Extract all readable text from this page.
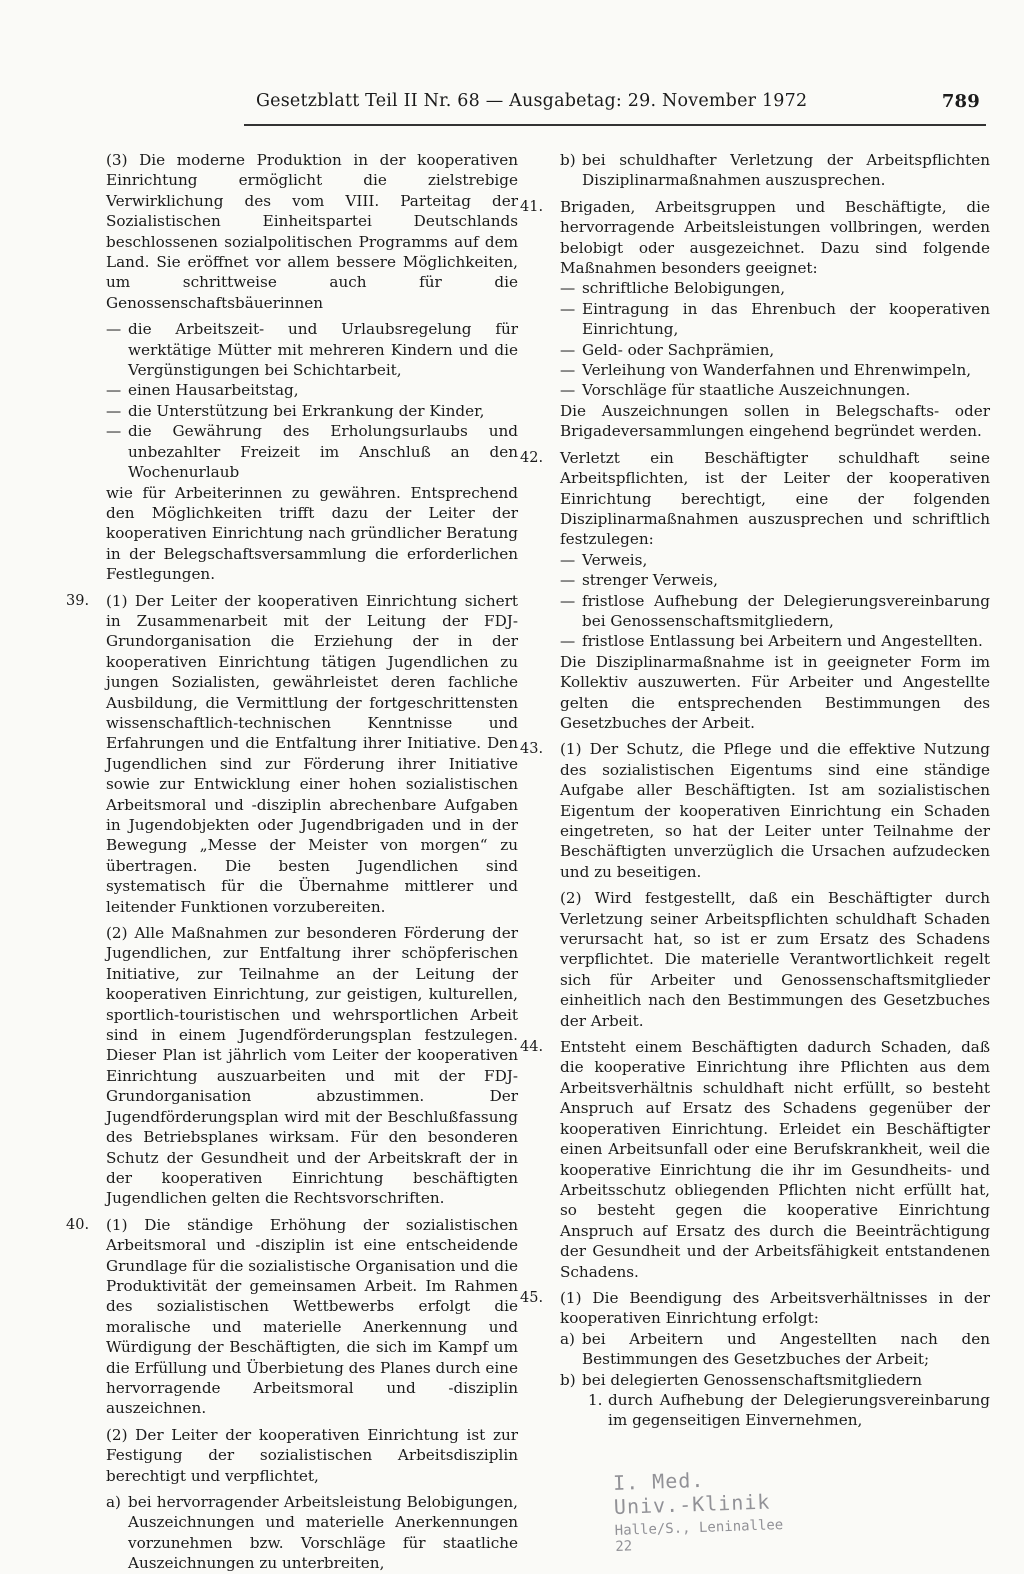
Gesetzblatt Teil II Nr. 68 — Ausgabetag: 29. November 1972	789
(3) Die moderne Produktion in der kooperativen Einrichtung ermöglicht die zielstrebige Verwirklichung des vom VIII. Parteitag der Sozialistischen Einheitspartei Deutschlands beschlossenen sozialpolitischen Programms auf dem Land. Sie eröffnet vor allem bessere Möglichkeiten, um schrittweise auch für die Genossenschaftsbäuerinnen
— die Arbeitszeit- und Urlaubsregelung für werktätige Mütter mit mehreren Kindern und die Vergünstigungen bei Schichtarbeit,
— einen Hausarbeitstag,
— die Unterstützung bei Erkrankung der Kinder,
— die Gewährung des Erholungsurlaubs und unbezahlter Freizeit im Anschluß an den Wochenurlaub
wie für Arbeiterinnen zu gewähren. Entsprechend den Möglichkeiten trifft dazu der Leiter der kooperativen Einrichtung nach gründlicher Beratung in der Belegschaftsversammlung die erforderlichen Festlegungen.
39. (1) Der Leiter der kooperativen Einrichtung sichert in Zusammenarbeit mit der Leitung der FDJ-Grundorganisation die Erziehung der in der kooperativen Einrichtung tätigen Jugendlichen zu jungen Sozialisten, gewährleistet deren fachliche Ausbildung, die Vermittlung der fortgeschrittensten wissenschaftlich-technischen Kenntnisse und Erfahrungen und die Entfaltung ihrer Initiative. Den Jugendlichen sind zur Förderung ihrer Initiative sowie zur Entwicklung einer hohen sozialistischen Arbeitsmoral und -disziplin abrechenbare Aufgaben in Jugendobjekten oder Jugendbrigaden und in der Bewegung „Messe der Meister von morgen“ zu übertragen. Die besten Jugendlichen sind systematisch für die Übernahme mittlerer und leitender Funktionen vorzubereiten.
(2) Alle Maßnahmen zur besonderen Förderung der Jugendlichen, zur Entfaltung ihrer schöpferischen Initiative, zur Teilnahme an der Leitung der kooperativen Einrichtung, zur geistigen, kulturellen, sportlich-touristischen und wehrsportlichen Arbeit sind in einem Jugendförderungsplan festzulegen. Dieser Plan ist jährlich vom Leiter der kooperativen Einrichtung auszuarbeiten und mit der FDJ-Grundorganisation abzustimmen. Der Jugendförderungsplan wird mit der Beschlußfassung des Betriebsplanes wirksam. Für den besonderen Schutz der Gesundheit und der Arbeitskraft der in der kooperativen Einrichtung beschäftigten Jugendlichen gelten die Rechtsvorschriften.
40. (1) Die ständige Erhöhung der sozialistischen Arbeitsmoral und -disziplin ist eine entscheidende Grundlage für die sozialistische Organisation und die Produktivität der gemeinsamen Arbeit. Im Rahmen des sozialistischen Wettbewerbs erfolgt die moralische und materielle Anerkennung und Würdigung der Beschäftigten, die sich im Kampf um die Erfüllung und Überbietung des Planes durch eine hervorragende Arbeitsmoral und -disziplin auszeichnen.
(2) Der Leiter der kooperativen Einrichtung ist zur Festigung der sozialistischen Arbeitsdisziplin berechtigt und verpflichtet,
a) bei hervorragender Arbeitsleistung Belobigungen, Auszeichnungen und materielle Anerkennungen vorzunehmen bzw. Vorschläge für staatliche Auszeichnungen zu unterbreiten,
b) bei schuldhafter Verletzung der Arbeitspflichten Disziplinarmaßnahmen auszusprechen.
41. Brigaden, Arbeitsgruppen und Beschäftigte, die hervorragende Arbeitsleistungen vollbringen, werden belobigt oder ausgezeichnet. Dazu sind folgende Maßnahmen besonders geeignet:
— schriftliche Belobigungen,
— Eintragung in das Ehrenbuch der kooperativen Einrichtung,
— Geld- oder Sachprämien,
— Verleihung von Wanderfahnen und Ehrenwimpeln,
— Vorschläge für staatliche Auszeichnungen.
Die Auszeichnungen sollen in Belegschafts- oder Brigadeversammlungen eingehend begründet werden.
42. Verletzt ein Beschäftigter schuldhaft seine Arbeitspflichten, ist der Leiter der kooperativen Einrichtung berechtigt, eine der folgenden Disziplinarmaßnahmen auszusprechen und schriftlich festzulegen:
— Verweis,
— strenger Verweis,
— fristlose Aufhebung der Delegierungsvereinbarung bei Genossenschaftsmitgliedern,
— fristlose Entlassung bei Arbeitern und Angestellten.
Die Disziplinarmaßnahme ist in geeigneter Form im Kollektiv auszuwerten. Für Arbeiter und Angestellte gelten die entsprechenden Bestimmungen des Gesetzbuches der Arbeit.
43. (1) Der Schutz, die Pflege und die effektive Nutzung des sozialistischen Eigentums sind eine ständige Aufgabe aller Beschäftigten. Ist am sozialistischen Eigentum der kooperativen Einrichtung ein Schaden eingetreten, so hat der Leiter unter Teilnahme der Beschäftigten unverzüglich die Ursachen aufzudecken und zu beseitigen.
(2) Wird festgestellt, daß ein Beschäftigter durch Verletzung seiner Arbeitspflichten schuldhaft Schaden verursacht hat, so ist er zum Ersatz des Schadens verpflichtet. Die materielle Verantwortlichkeit regelt sich für Arbeiter und Genossenschaftsmitglieder einheitlich nach den Bestimmungen des Gesetzbuches der Arbeit.
44. Entsteht einem Beschäftigten dadurch Schaden, daß die kooperative Einrichtung ihre Pflichten aus dem Arbeitsverhältnis schuldhaft nicht erfüllt, so besteht Anspruch auf Ersatz des Schadens gegenüber der kooperativen Einrichtung. Erleidet ein Beschäftigter einen Arbeitsunfall oder eine Berufskrankheit, weil die kooperative Einrichtung die ihr im Gesundheits- und Arbeitsschutz obliegenden Pflichten nicht erfüllt hat, so besteht gegen die kooperative Einrichtung Anspruch auf Ersatz des durch die Beeinträchtigung der Gesundheit und der Arbeitsfähigkeit entstandenen Schadens.
45. (1) Die Beendigung des Arbeitsverhältnisses in der kooperativen Einrichtung erfolgt:
a) bei Arbeitern und Angestellten nach den Bestimmungen des Gesetzbuches der Arbeit;
b) bei delegierten Genossenschaftsmitgliedern
1. durch Aufhebung der Delegierungsvereinbarung im gegenseitigen Einvernehmen,
I. Med. Univ.-Klinik
Halle/S., Leninallee 22
